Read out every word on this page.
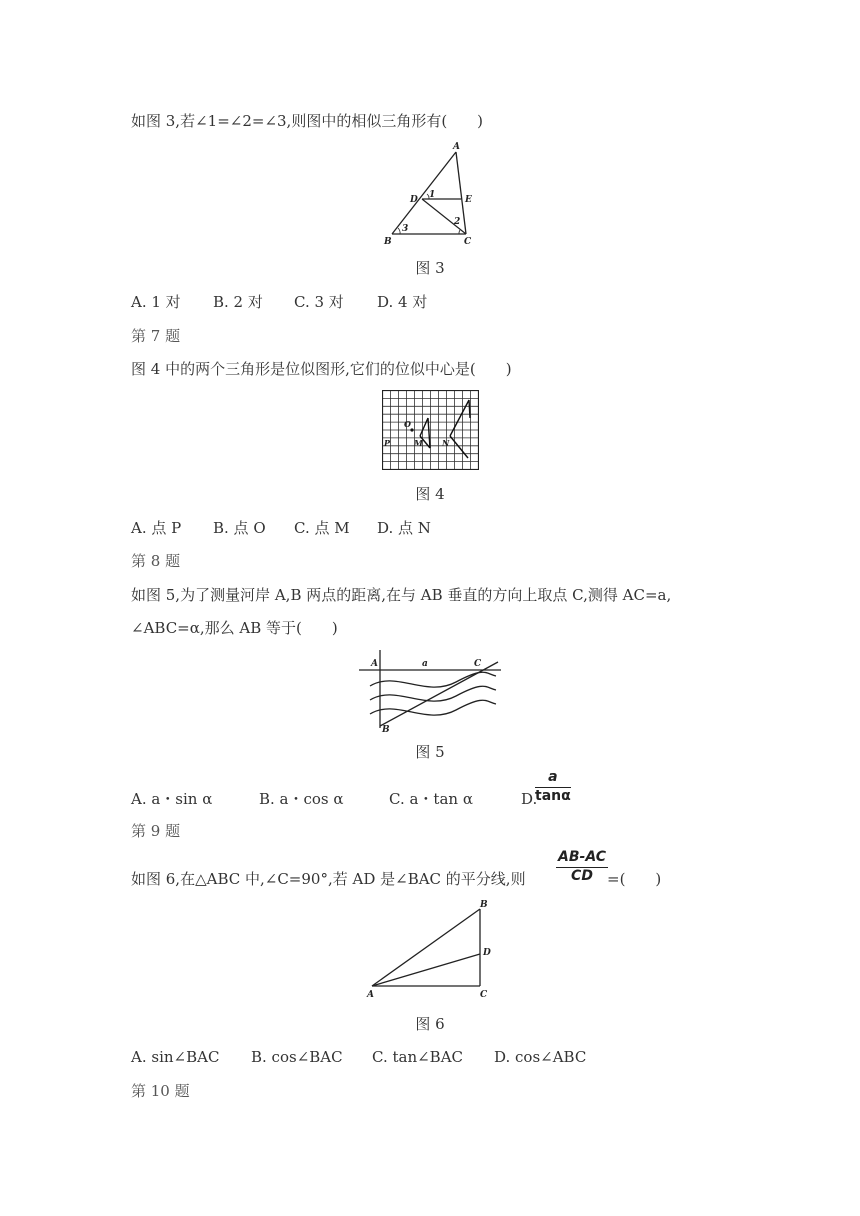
如图 3,若∠1=∠2=∠3,则图中的相似三角形有(　　)
A
D	E
1
2
3
B	C
图 3
A. 1 对 B. 2 对 C. 3 对 D. 4 对
第 7 题
图 4 中的两个三角形是位似图形,它们的位似中心是(　　)
O
P	M N
图 4
A. 点 P B. 点 O C. 点 M D. 点 N
第 8 题
如图 5,为了测量河岸 A,B 两点的距离,在与 AB 垂直的方向上取点 C,测得 AC=a,
∠ABC=α,那么 AB 等于(　　)
A	a	C
B
图 5
A. a・sin α	B. a・cos α	C. a・tan α	D.
$\frac{a}{\tan\alpha}$
第 9 题
如图 6,在△ABC 中,∠C=90°,若 AD 是∠BAC 的平分线,则 $\frac{AB-AC}{CD}$ =(　　)
B
D
A	C
图 6
A. sin∠BAC B. cos∠BAC C. tan∠BAC D. cos∠ABC
第 10 题
